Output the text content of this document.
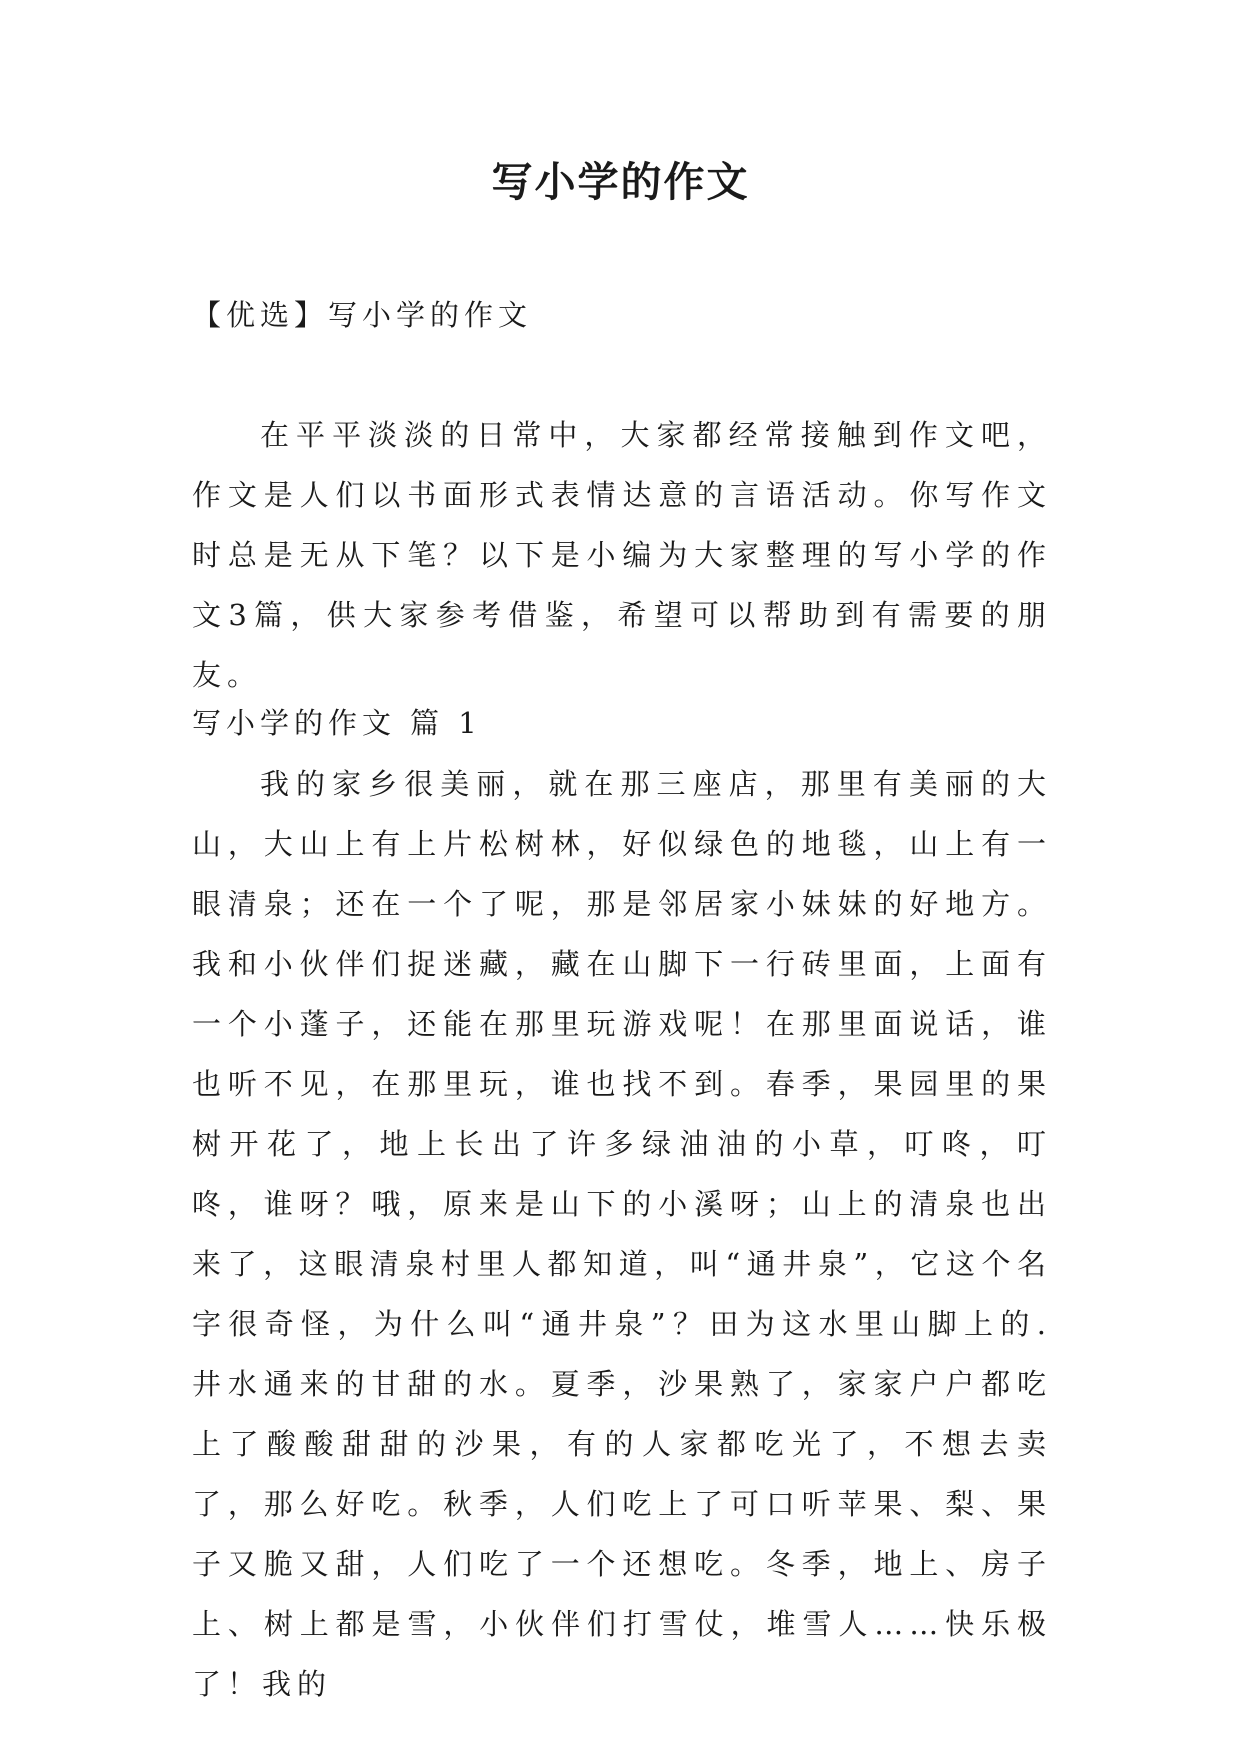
写小学的作文

【优选】写小学的作文

在平平淡淡的日常中，大家都经常接触到作文吧，作文是人们以书面形式表情达意的言语活动。你写作文时总是无从下笔？以下是小编为大家整理的写小学的作文3篇，供大家参考借鉴，希望可以帮助到有需要的朋友。

写小学的作文 篇 1

我的家乡很美丽，就在那三座店，那里有美丽的大山，大山上有上片松树林，好似绿色的地毯，山上有一眼清泉；还在一个了呢，那是邻居家小妹妹的好地方。我和小伙伴们捉迷藏，藏在山脚下一行砖里面，上面有一个小蓬子，还能在那里玩游戏呢！在那里面说话，谁也听不见，在那里玩，谁也找不到。春季，果园里的果树开花了，地上长出了许多绿油油的小草，叮咚，叮咚，谁呀？哦，原来是山下的小溪呀；山上的清泉也出来了，这眼清泉村里人都知道，叫“通井泉”，它这个名字很奇怪，为什么叫“通井泉”？田为这水里山脚上的.井水通来的甘甜的水。夏季，沙果熟了，家家户户都吃上了酸酸甜甜的沙果，有的人家都吃光了，不想去卖了，那么好吃。秋季，人们吃上了可口听苹果、梨、果子又脆又甜，人们吃了一个还想吃。冬季，地上、房子上、树上都是雪，小伙伴们打雪仗，堆雪人……快乐极了！我的
